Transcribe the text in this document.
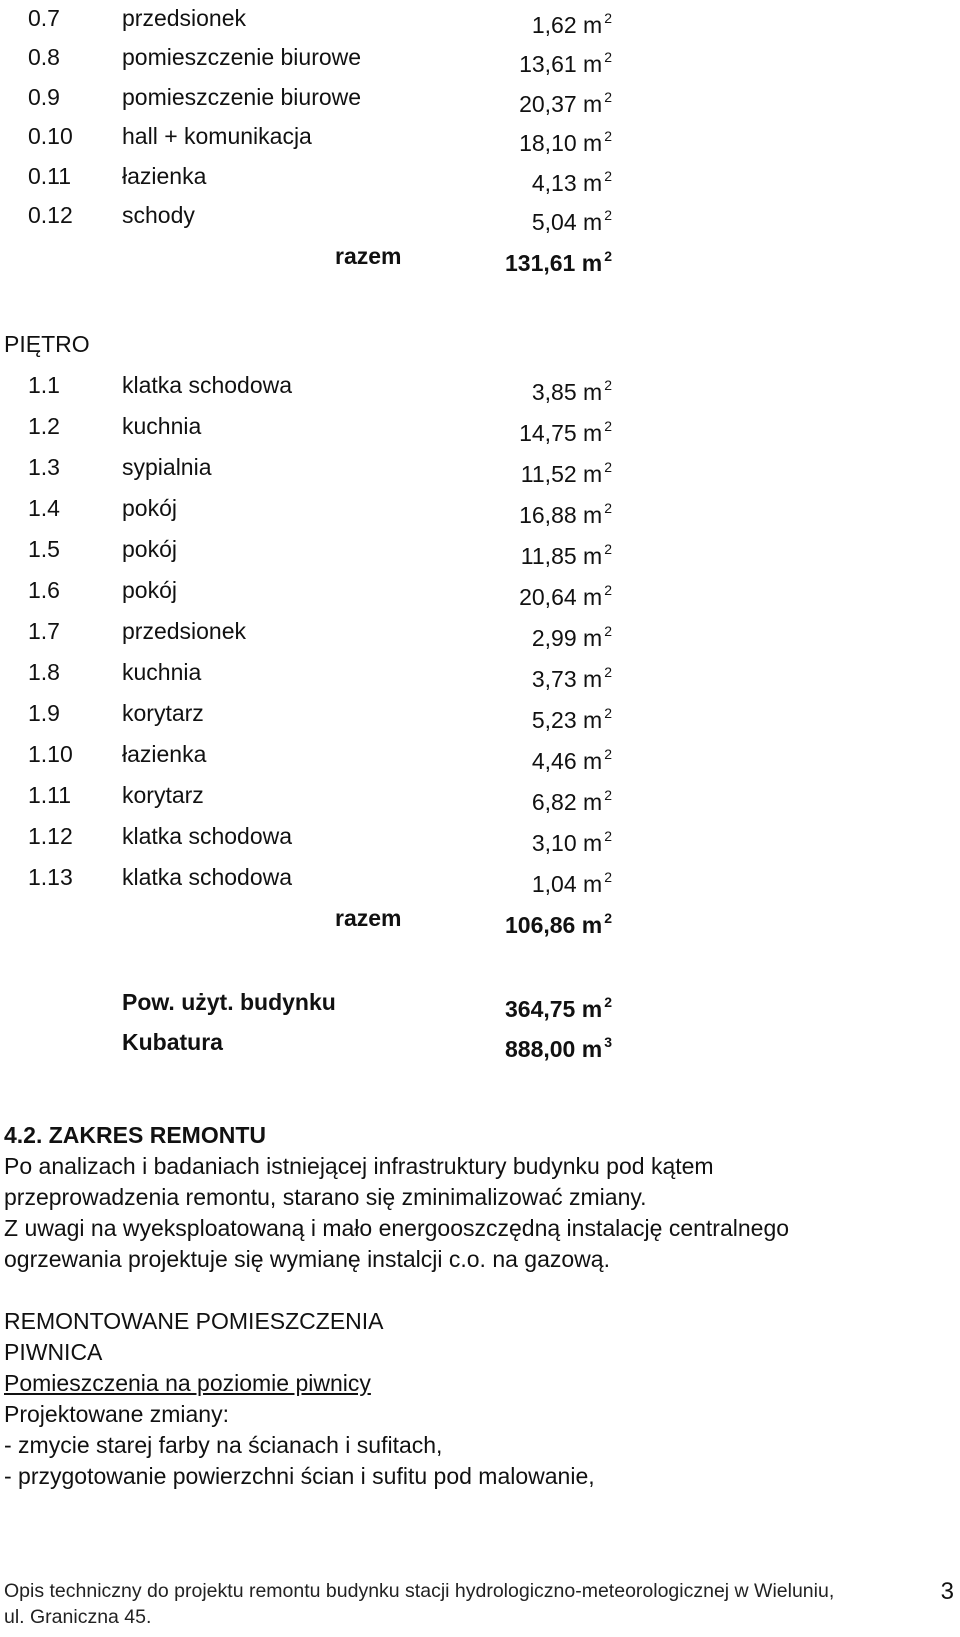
0.7	przedsionek	1,62 m $^2$
0.8	pomieszczenie biurowe	13,61 m $^2$
0.9	pomieszczenie biurowe	20,37 m $^2$
0.10 hall + komunikacja	18,10 m $^2$
0.11 łazienka	4,13 m $^2$
0.12 schody	5,04 m $^2$
razem	131,61 m $^2$
PIĘTRO
1.1	klatka schodowa	3,85 m $^2$
1.2	kuchnia	14,75 m $^2$
1.3	sypialnia	11,52 m $^2$
1.4	pokój	16,88 m $^2$
1.5	pokój	11,85 m $^2$
1.6	pokój	20,64 m $^2$
1.7	przedsionek	2,99 m $^2$
1.8	kuchnia	3,73 m $^2$
1.9	korytarz	5,23 m $^2$
1.10 łazienka	4,46 m $^2$
1.11 korytarz	6,82 m $^2$
1.12 klatka schodowa	3,10 m $^2$
1.13 klatka schodowa	1,04 m $^2$
razem	106,86 m $^2$
Pow. użyt. budynku	364,75 m $^2$
Kubatura	888,00 m $^3$
4.2. ZAKRES REMONTU
Po analizach i badaniach istniejącej infrastruktury budynku pod kątem
przeprowadzenia remontu, starano się zminimalizować zmiany.
Z uwagi na wyeksploatowaną i mało energooszczędną instalację centralnego
ogrzewania projektuje się wymianę instalcji c.o. na gazową.
REMONTOWANE POMIESZCZENIA
PIWNICA
Pomieszczenia na poziomie piwnicy
Projektowane zmiany:
- zmycie starej farby na ścianach i sufitach,
- przygotowanie powierzchni ścian i sufitu pod malowanie,
Opis techniczny do projektu remontu budynku stacji hydrologiczno-meteorologicznej w Wieluniu,
ul. Graniczna 45.
3
